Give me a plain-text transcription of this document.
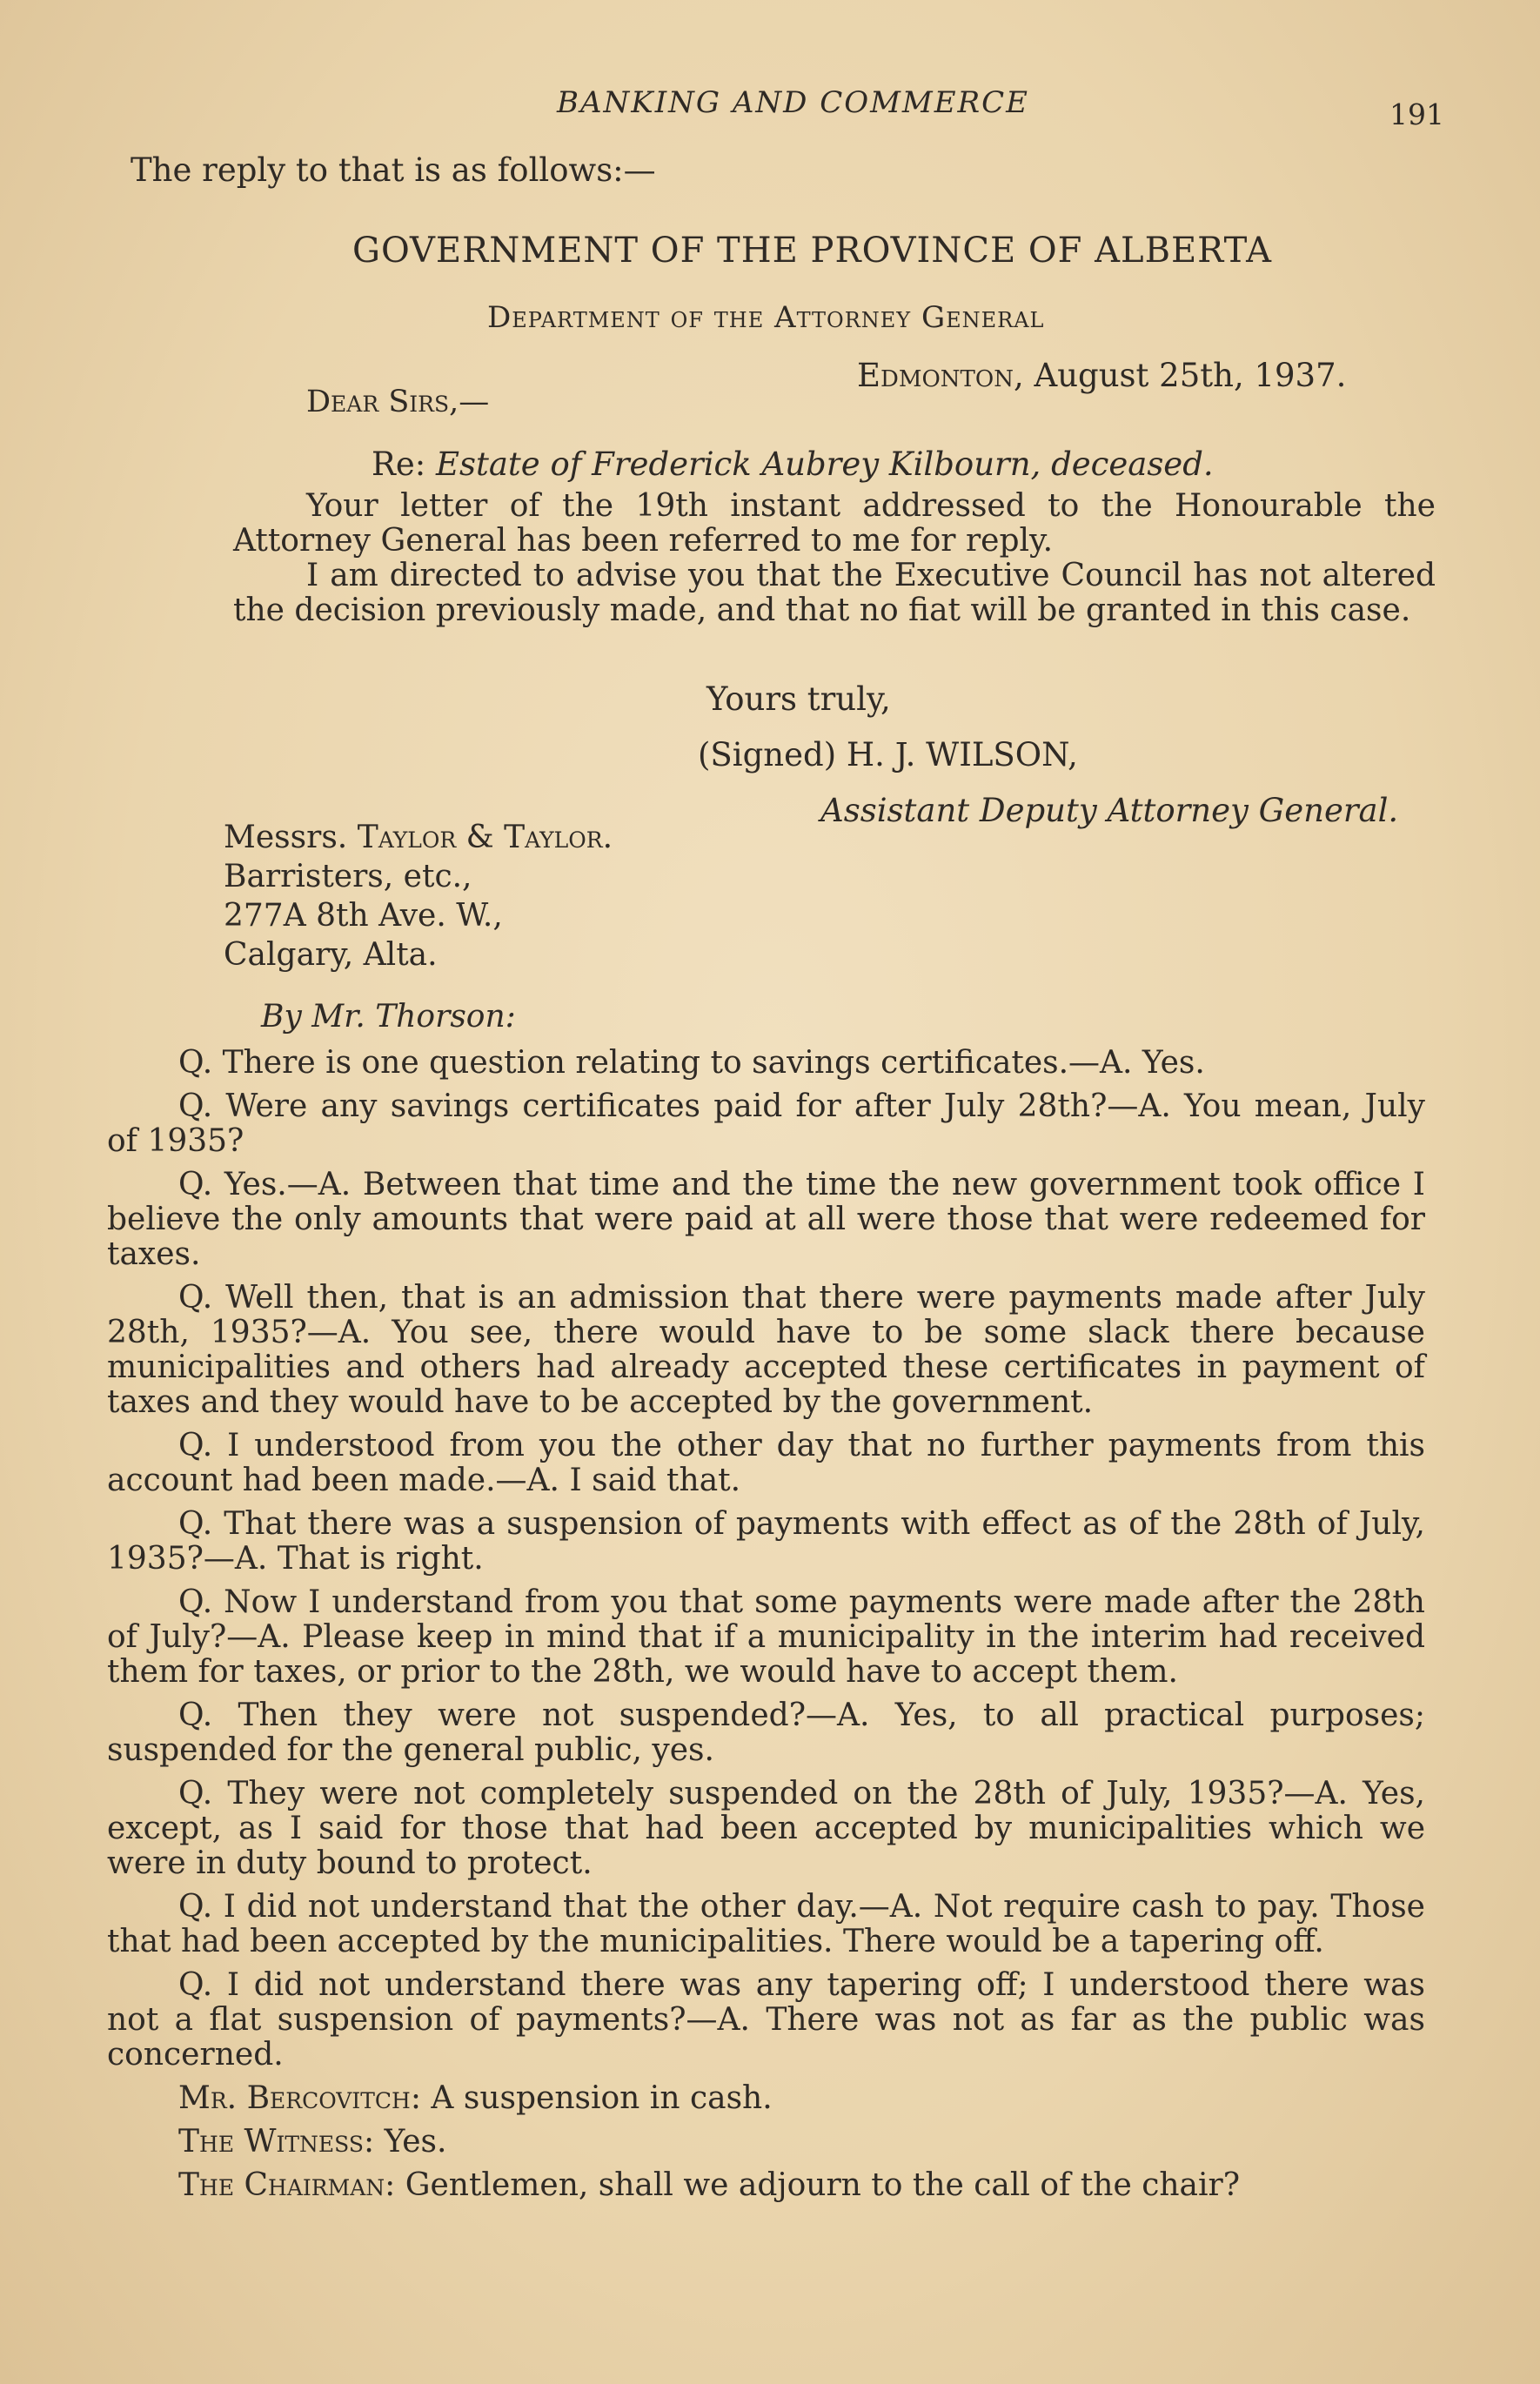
BANKING AND COMMERCE	191
The reply to that is as follows:—
GOVERNMENT OF THE PROVINCE OF ALBERTA
Department of the Attorney General
Edmonton, August 25th, 1937.
Dear Sirs,—
Re: Estate of Frederick Aubrey Kilbourn, deceased.

Your letter of the 19th instant addressed to the Honourable the Attorney General has been referred to me for reply.

I am directed to advise you that the Executive Council has not altered the decision previously made, and that no fiat will be granted in this case.

Yours truly,
(Signed) H. J. WILSON,
Assistant Deputy Attorney General.
Messrs. Taylor & Taylor.
Barristers, etc.,
277A 8th Ave. W.,
Calgary, Alta.
By Mr. Thorson:

Q. There is one question relating to savings certificates.—A. Yes.

Q. Were any savings certificates paid for after July 28th?—A. You mean, July of 1935?

Q. Yes.—A. Between that time and the time the new government took office I believe the only amounts that were paid at all were those that were redeemed for taxes.

Q. Well then, that is an admission that there were payments made after July 28th, 1935?—A. You see, there would have to be some slack there because municipalities and others had already accepted these certificates in payment of taxes and they would have to be accepted by the government.

Q. I understood from you the other day that no further payments from this account had been made.—A. I said that.

Q. That there was a suspension of payments with effect as of the 28th of July, 1935?—A. That is right.

Q. Now I understand from you that some payments were made after the 28th of July?—A. Please keep in mind that if a municipality in the interim had received them for taxes, or prior to the 28th, we would have to accept them.

Q. Then they were not suspended?—A. Yes, to all practical purposes; suspended for the general public, yes.

Q. They were not completely suspended on the 28th of July, 1935?—A. Yes, except, as I said for those that had been accepted by municipalities which we were in duty bound to protect.

Q. I did not understand that the other day.—A. Not require cash to pay. Those that had been accepted by the municipalities. There would be a tapering off.

Q. I did not understand there was any tapering off; I understood there was not a flat suspension of payments?—A. There was not as far as the public was concerned.

Mr. Bercovitch: A suspension in cash.

The Witness: Yes.

The Chairman: Gentlemen, shall we adjourn to the call of the chair?
